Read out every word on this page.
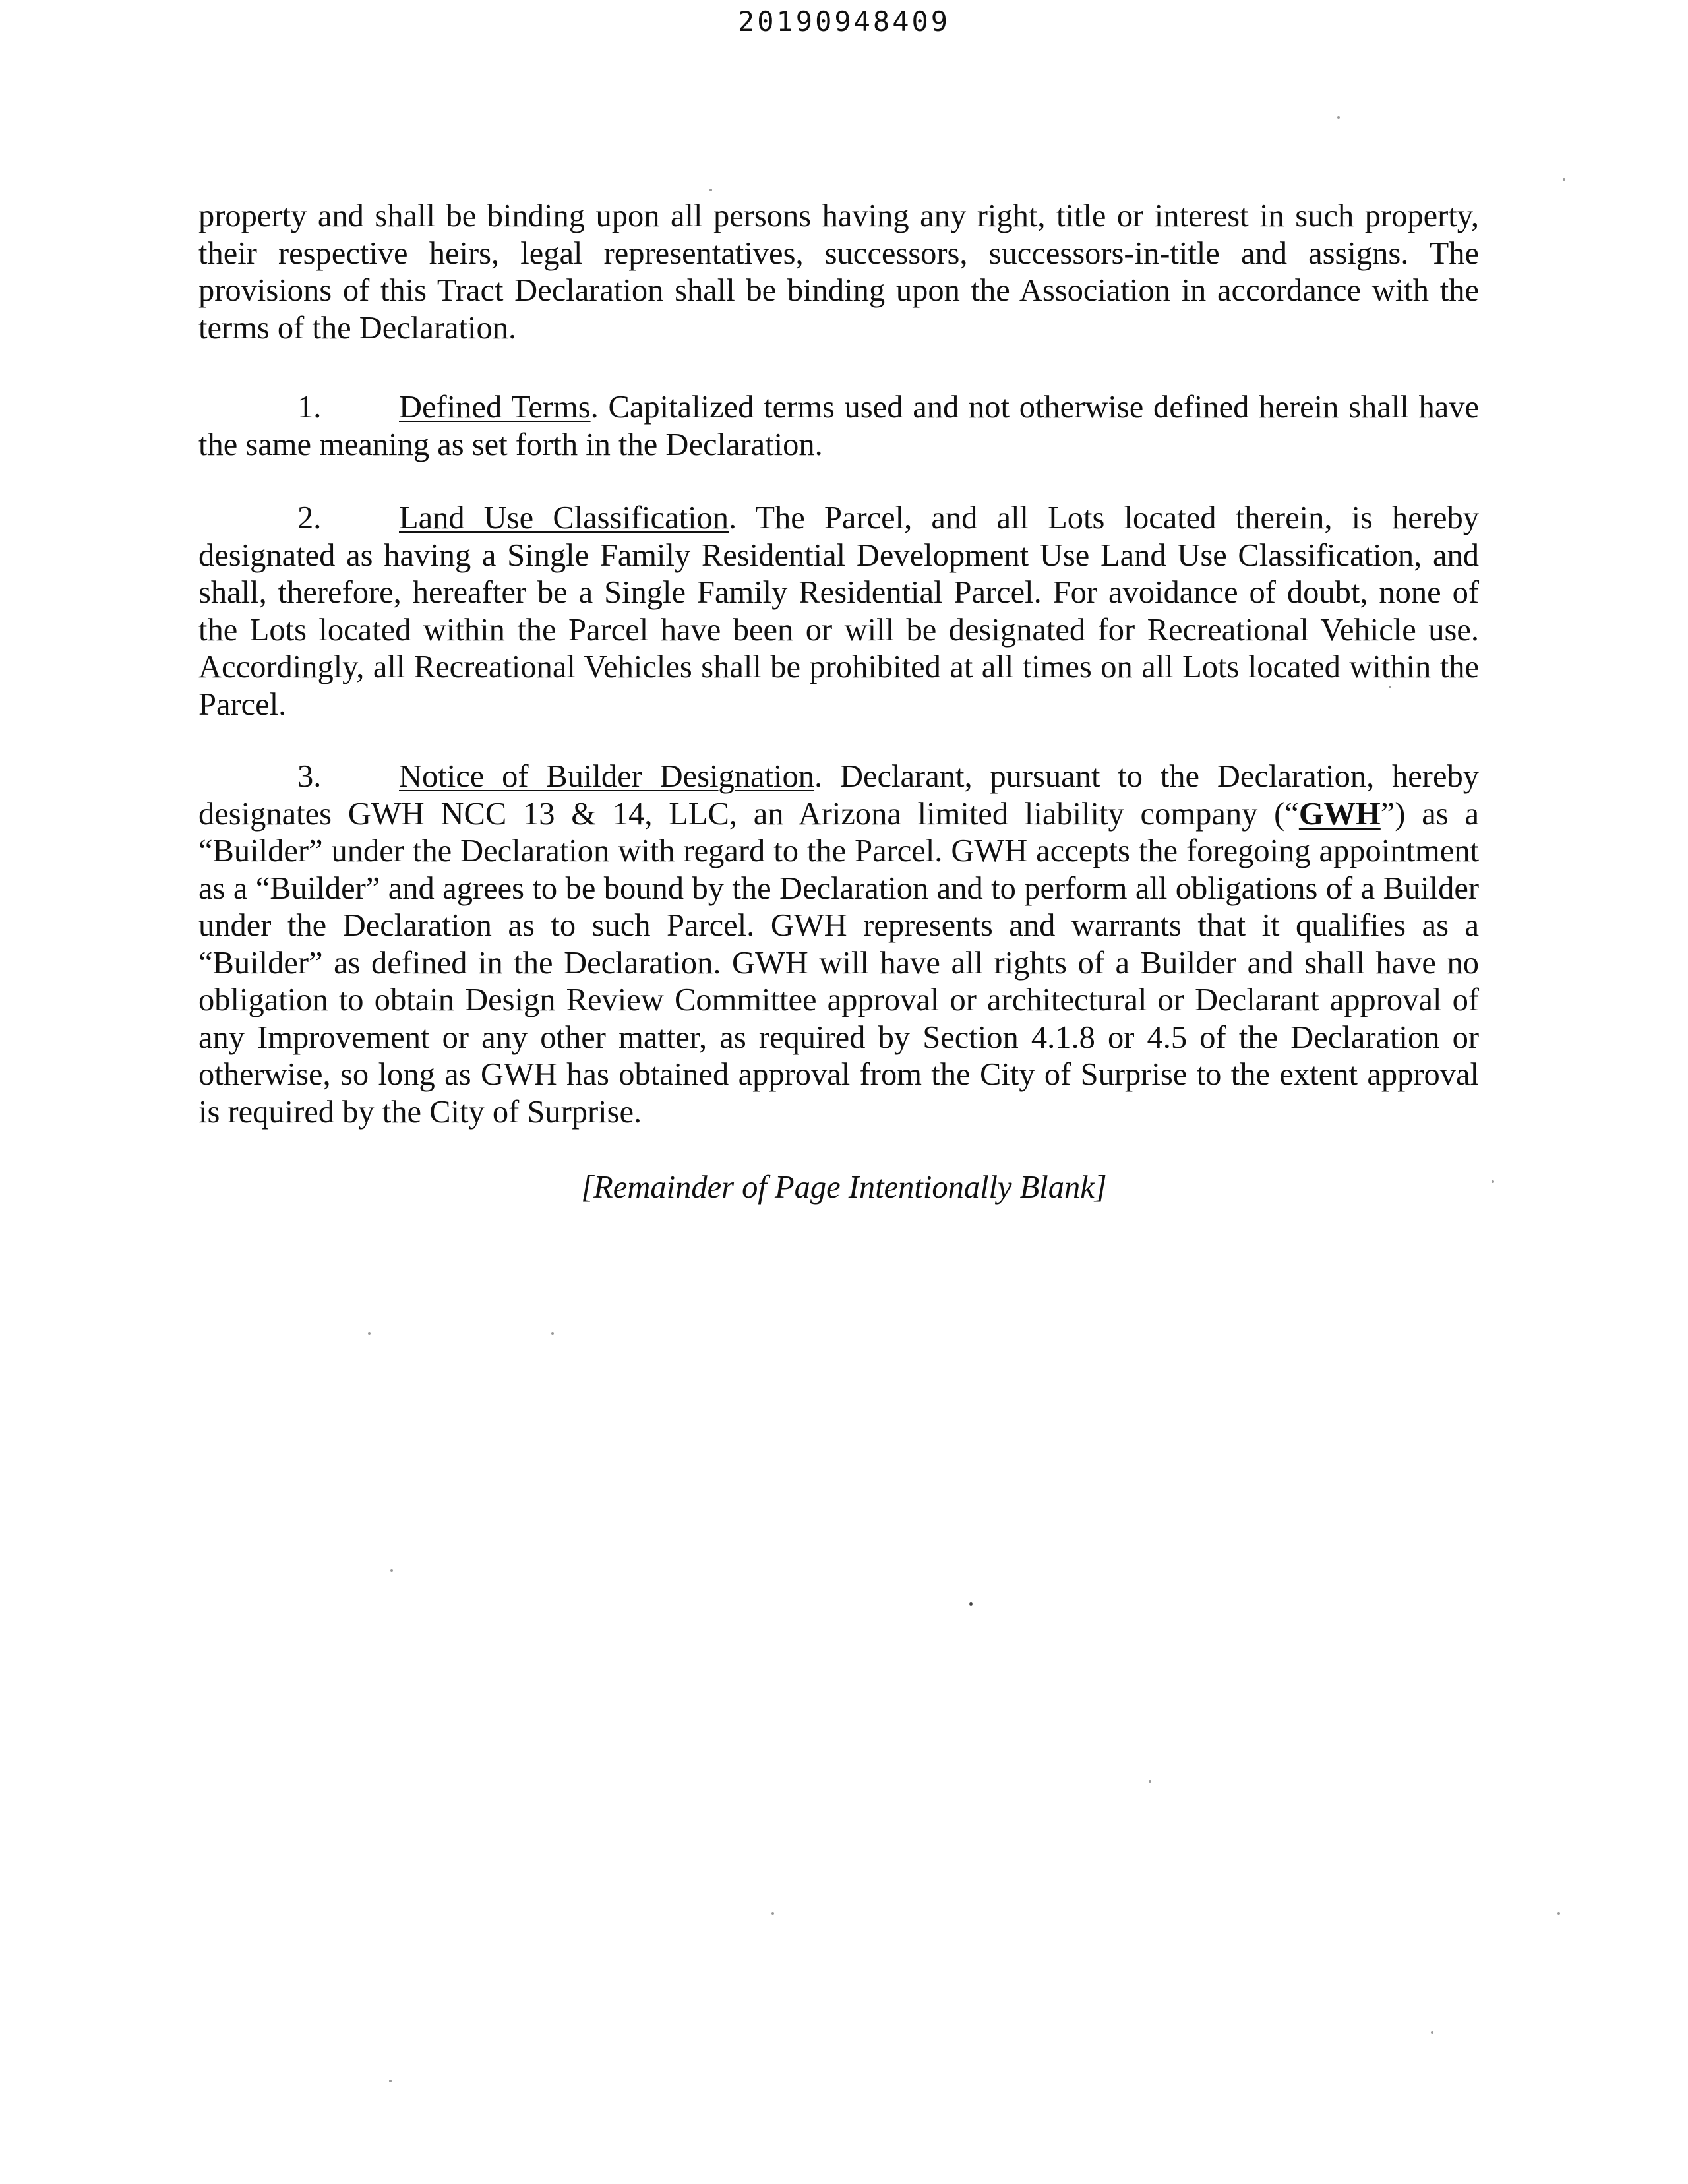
20190948409

property and shall be binding upon all persons having any right, title or interest in such property, their respective heirs, legal representatives, successors, successors-in-title and assigns. The provisions of this Tract Declaration shall be binding upon the Association in accordance with the terms of the Declaration.

1. Defined Terms. Capitalized terms used and not otherwise defined herein shall have the same meaning as set forth in the Declaration.

2. Land Use Classification. The Parcel, and all Lots located therein, is hereby designated as having a Single Family Residential Development Use Land Use Classification, and shall, therefore, hereafter be a Single Family Residential Parcel. For avoidance of doubt, none of the Lots located within the Parcel have been or will be designated for Recreational Vehicle use. Accordingly, all Recreational Vehicles shall be prohibited at all times on all Lots located within the Parcel.

3. Notice of Builder Designation. Declarant, pursuant to the Declaration, hereby designates GWH NCC 13 & 14, LLC, an Arizona limited liability company (“GWH”) as a “Builder” under the Declaration with regard to the Parcel. GWH accepts the foregoing appointment as a “Builder” and agrees to be bound by the Declaration and to perform all obligations of a Builder under the Declaration as to such Parcel. GWH represents and warrants that it qualifies as a “Builder” as defined in the Declaration. GWH will have all rights of a Builder and shall have no obligation to obtain Design Review Committee approval or architectural or Declarant approval of any Improvement or any other matter, as required by Section 4.1.8 or 4.5 of the Declaration or otherwise, so long as GWH has obtained approval from the City of Surprise to the extent approval is required by the City of Surprise.

[Remainder of Page Intentionally Blank]
